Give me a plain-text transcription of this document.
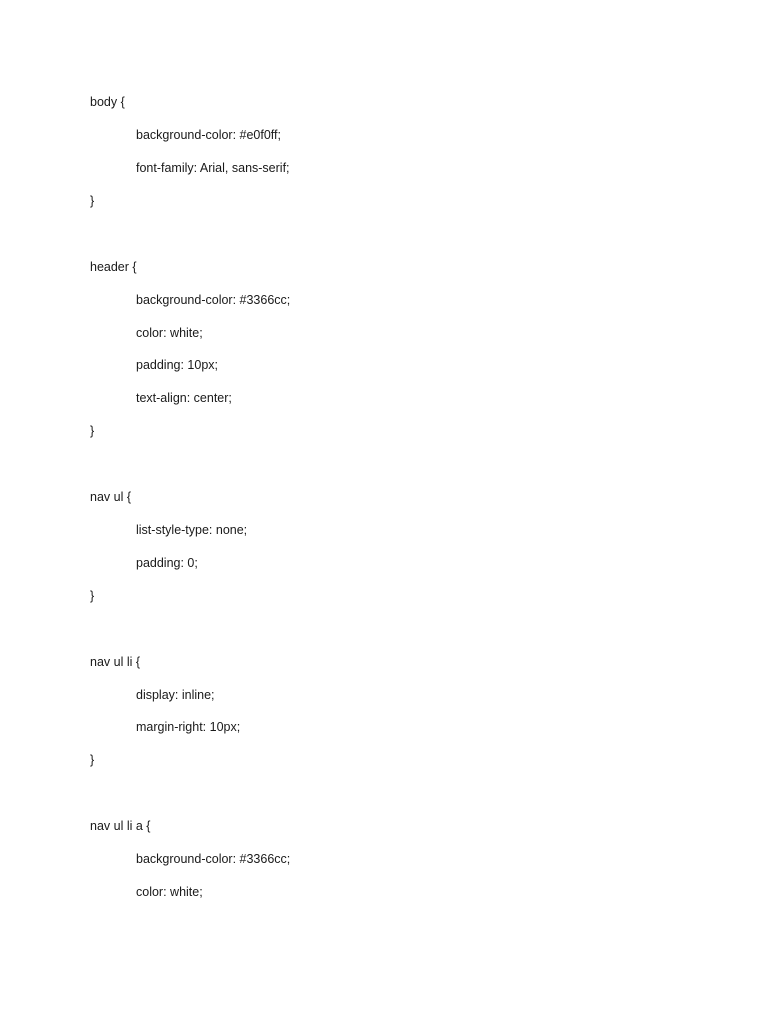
body {
background-color: #e0f0ff;
font-family: Arial, sans-serif;
}
header {
background-color: #3366cc;
color: white;
padding: 10px;
text-align: center;
}
nav ul {
list-style-type: none;
padding: 0;
}
nav ul li {
display: inline;
margin-right: 10px;
}
nav ul li a {
background-color: #3366cc;
color: white;
